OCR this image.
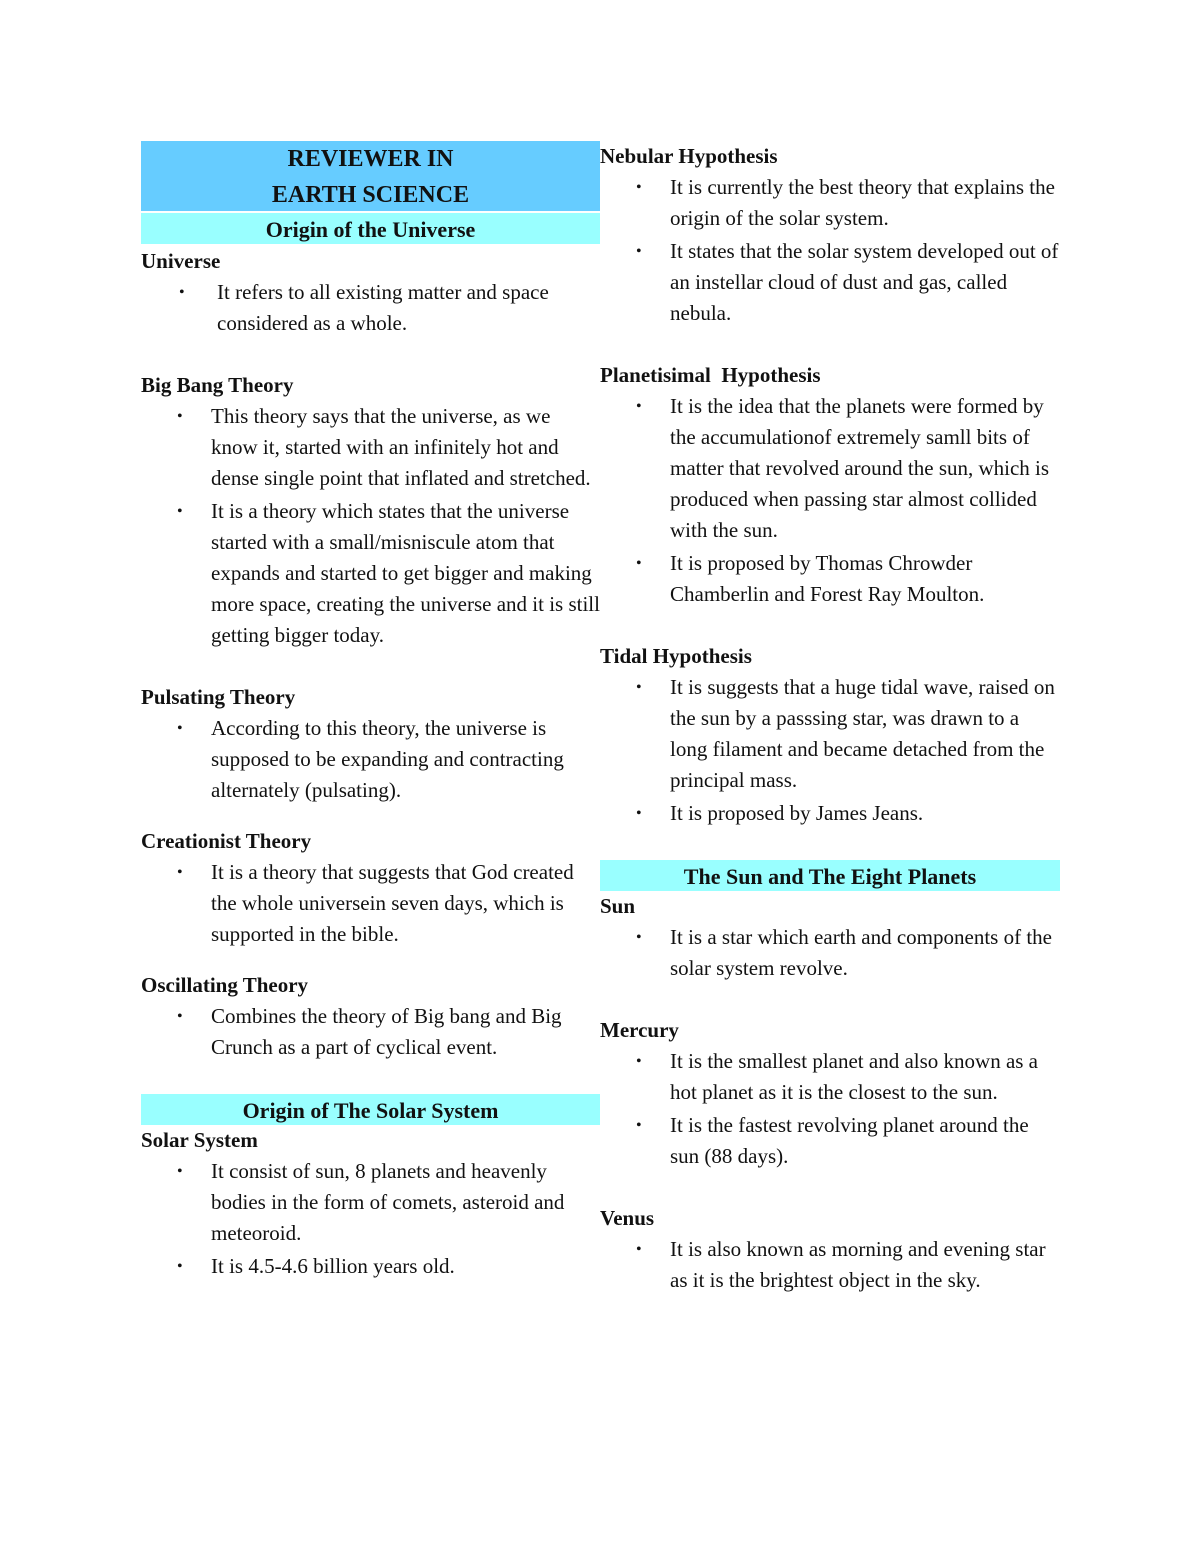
REVIEWER IN
EARTH SCIENCE
Origin of the Universe
Universe
• It refers to all existing matter and space considered as a whole.
Big Bang Theory
• This theory says that the universe, as we know it, started with an infinitely hot and dense single point that inflated and stretched.
• It is a theory which states that the universe started with a small/misniscule atom that expands and started to get bigger and making more space, creating the universe and it is still getting bigger today.
Pulsating Theory
• According to this theory, the universe is supposed to be expanding and contracting alternately (pulsating).
Creationist Theory
• It is a theory that suggests that God created the whole universein seven days, which is supported in the bible.
Oscillating Theory
• Combines the theory of Big bang and Big Crunch as a part of cyclical event.
Origin of The Solar System
Solar System
• It consist of sun, 8 planets and heavenly bodies in the form of comets, asteroid and meteoroid.
• It is 4.5-4.6 billion years old.
Nebular Hypothesis
• It is currently the best theory that explains the origin of the solar system.
• It states that the solar system developed out of an instellar cloud of dust and gas, called nebula.
Planetisimal  Hypothesis
• It is the idea that the planets were formed by the accumulationof extremely samll bits of matter that revolved around the sun, which is produced when passing star almost collided with the sun.
• It is proposed by Thomas Chrowder Chamberlin and Forest Ray Moulton.
Tidal Hypothesis
• It is suggests that a huge tidal wave, raised on the sun by a passsing star, was drawn to a long filament and became detached from the principal mass.
• It is proposed by James Jeans.
The Sun and The Eight Planets
Sun
• It is a star which earth and components of the solar system revolve.
Mercury
• It is the smallest planet and also known as a hot planet as it is the closest to the sun.
• It is the fastest revolving planet around the sun (88 days).
Venus
• It is also known as morning and evening star as it is the brightest object in the sky.
